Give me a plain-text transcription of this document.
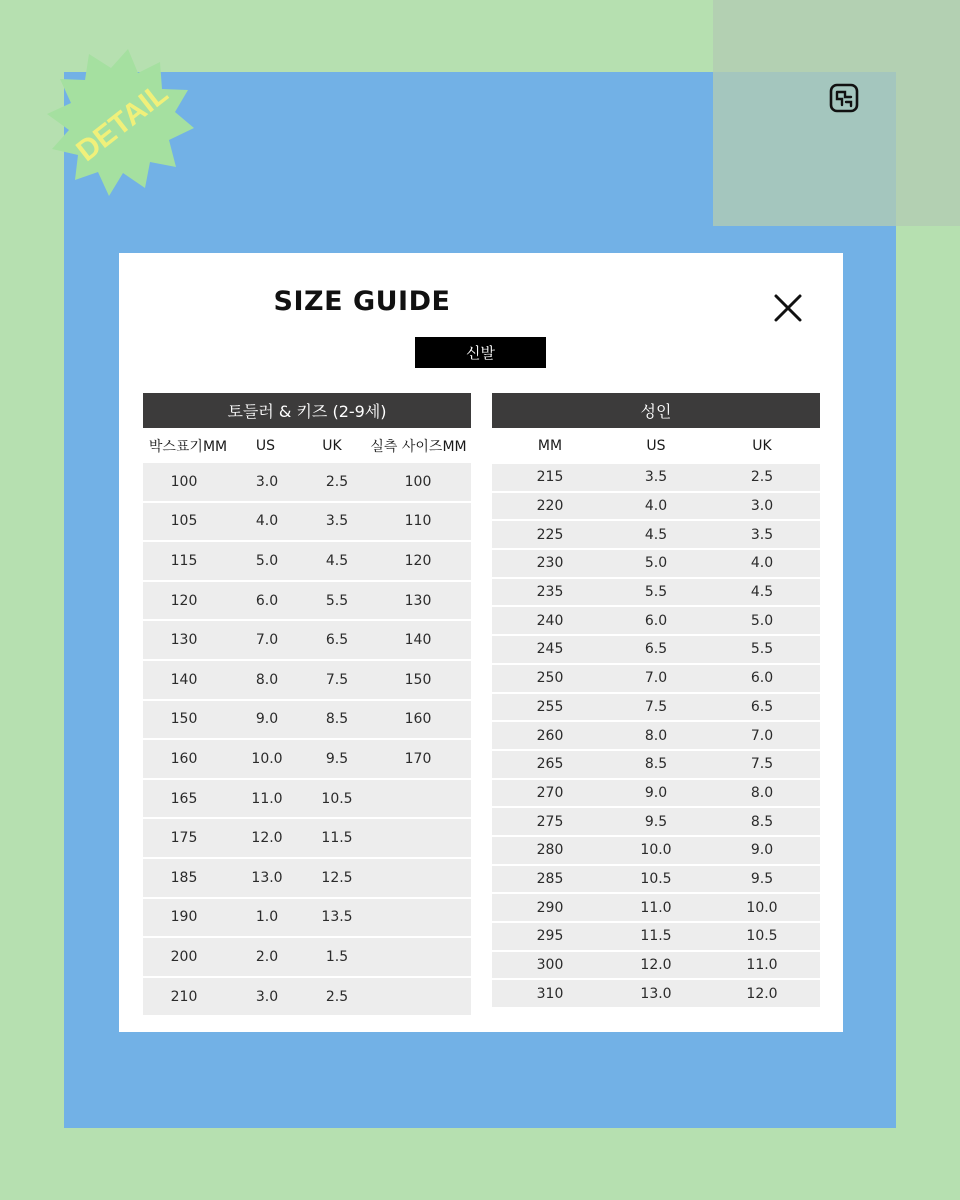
DETAIL
SIZE GUIDE
신발
토들러 & 키즈 (2-9세)
박스표기MM	US	UK	실측 사이즈MM
100	3.0	2.5	100
105	4.0	3.5	110
115	5.0	4.5	120
120	6.0	5.5	130
130	7.0	6.5	140
140	8.0	7.5	150
150	9.0	8.5	160
160	10.0	9.5	170
165	11.0	10.5
175	12.0	11.5
185	13.0	12.5
190	1.0	13.5
200	2.0	1.5
210	3.0	2.5
성인
MM	US	UK
215	3.5	2.5
220	4.0	3.0
225	4.5	3.5
230	5.0	4.0
235	5.5	4.5
240	6.0	5.0
245	6.5	5.5
250	7.0	6.0
255	7.5	6.5
260	8.0	7.0
265	8.5	7.5
270	9.0	8.0
275	9.5	8.5
280	10.0	9.0
285	10.5	9.5
290	11.0	10.0
295	11.5	10.5
300	12.0	11.0
310	13.0	12.0
